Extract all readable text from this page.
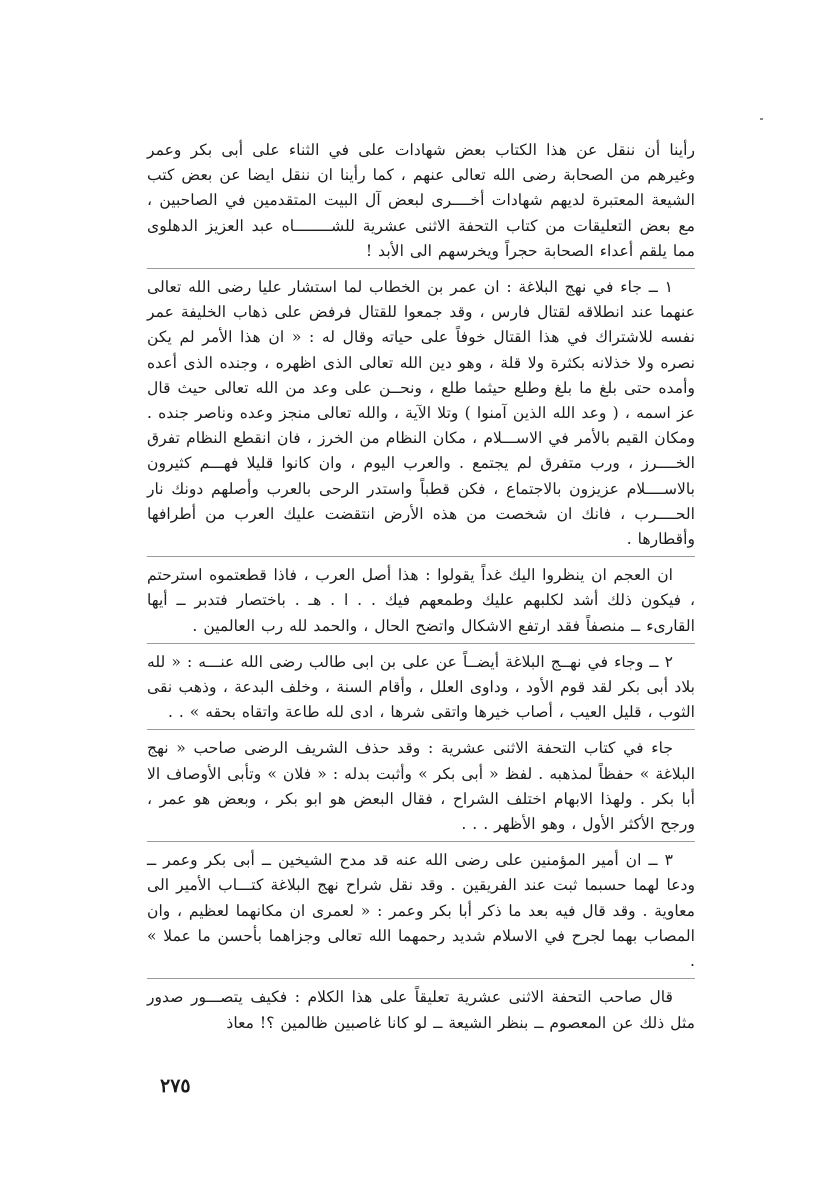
رأينا أن ننقل عن هذا الكتاب بعض شهادات على في الثناء على أبى بكر وعمر وغيرهم من الصحابة رضى الله تعالى عنهم ، كما رأينا ان ننقل ايضا عن بعض كتب الشيعة المعتبرة لديهم شهادات أخــــرى لبعض آل البيت المتقدمين في الصاحبين ، مع بعض التعليقات من كتاب التحفة الاثنى عشرية للشــــــــاه عبد العزيز الدهلوى مما يلقم أعداء الصحابة حجراً ويخرسهم الى الأبد !

١ ــ جاء في نهج البلاغة : ان عمر بن الخطاب لما استشار عليا رضى الله تعالى عنهما عند انطلاقه لقتال فارس ، وقد جمعوا للقتال فرفض على ذهاب الخليفة عمر نفسه للاشتراك في هذا القتال خوفاً على حياته وقال له : « ان هذا الأمر لم يكن نصره ولا خذلانه بكثرة ولا قلة ، وهو دين الله تعالى الذى اظهره ، وجنده الذى أعده وأمده حتى بلغ ما بلغ وطلع حيثما طلع ، ونحــن على وعد من الله تعالى حيث قال عز اسمه ، ( وعد الله الذين آمنوا ) وتلا الآية ، والله تعالى منجز وعده وناصر جنده . ومكان القيم بالأمر في الاســـلام ، مكان النظام من الخرز ، فان انقطع النظام تفرق الخــــرز ، ورب متفرق لم يجتمع . والعرب اليوم ، وان كانوا قليلا فهـــم كثيرون بالاســــلام عزيزون بالاجتماع ، فكن قطباً واستدر الرحى بالعرب وأصلهم دونك نار الحــــرب ، فانك ان شخصت من هذه الأرض انتقضت عليك العرب من أطرافها وأقطارها .

ان العجم ان ينظروا اليك غداً يقولوا : هذا أصل العرب ، فاذا قطعتموه استرحتم ، فيكون ذلك أشد لكلبهم عليك وطمعهم فيك . . ا . هـ . باختصار فتدبر ــ أيها القارىء ــ منصفاً فقد ارتفع الاشكال واتضح الحال ، والحمد لله رب العالمين .

٢ ــ وجاء في نهــج البلاغة أيضــاً عن على بن ابى طالب رضى الله عنـــه : « لله بلاد أبى بكر لقد قوم الأود ، وداوى العلل ، وأقام السنة ، وخلف البدعة ، وذهب نقى الثوب ، قليل العيب ، أصاب خيرها واتقى شرها ، ادى لله طاعة واتقاه بحقه » . .

جاء في كتاب التحفة الاثنى عشرية : وقد حذف الشريف الرضى صاحب « نهج البلاغة » حفظاً لمذهبه . لفظ « أبى بكر » وأثبت بدله : « فلان » وتأبى الأوصاف الا أبا بكر . ولهذا الابهام اختلف الشراح ، فقال البعض هو ابو بكر ، وبعض هو عمر ، ورجح الأكثر الأول ، وهو الأظهر . . .

٣ ــ ان أمير المؤمنين على رضى الله عنه قد مدح الشيخين ــ أبى بكر وعمر ــ ودعا لهما حسبما ثبت عند الفريقين . وقد نقل شراح نهج البلاغة كتـــاب الأمير الى معاوية . وقد قال فيه بعد ما ذكر أبا بكر وعمر : « لعمرى ان مكانهما لعظيم ، وان المصاب بهما لجرح في الاسلام شديد رحمهما الله تعالى وجزاهما بأحسن ما عملا » .

قال صاحب التحفة الاثنى عشرية تعليقاً على هذا الكلام : فكيف يتصـــور صدور مثل ذلك عن المعصوم ــ بنظر الشيعة ــ لو كانا غاصبين ظالمين ؟! معاذ

٢٧٥
